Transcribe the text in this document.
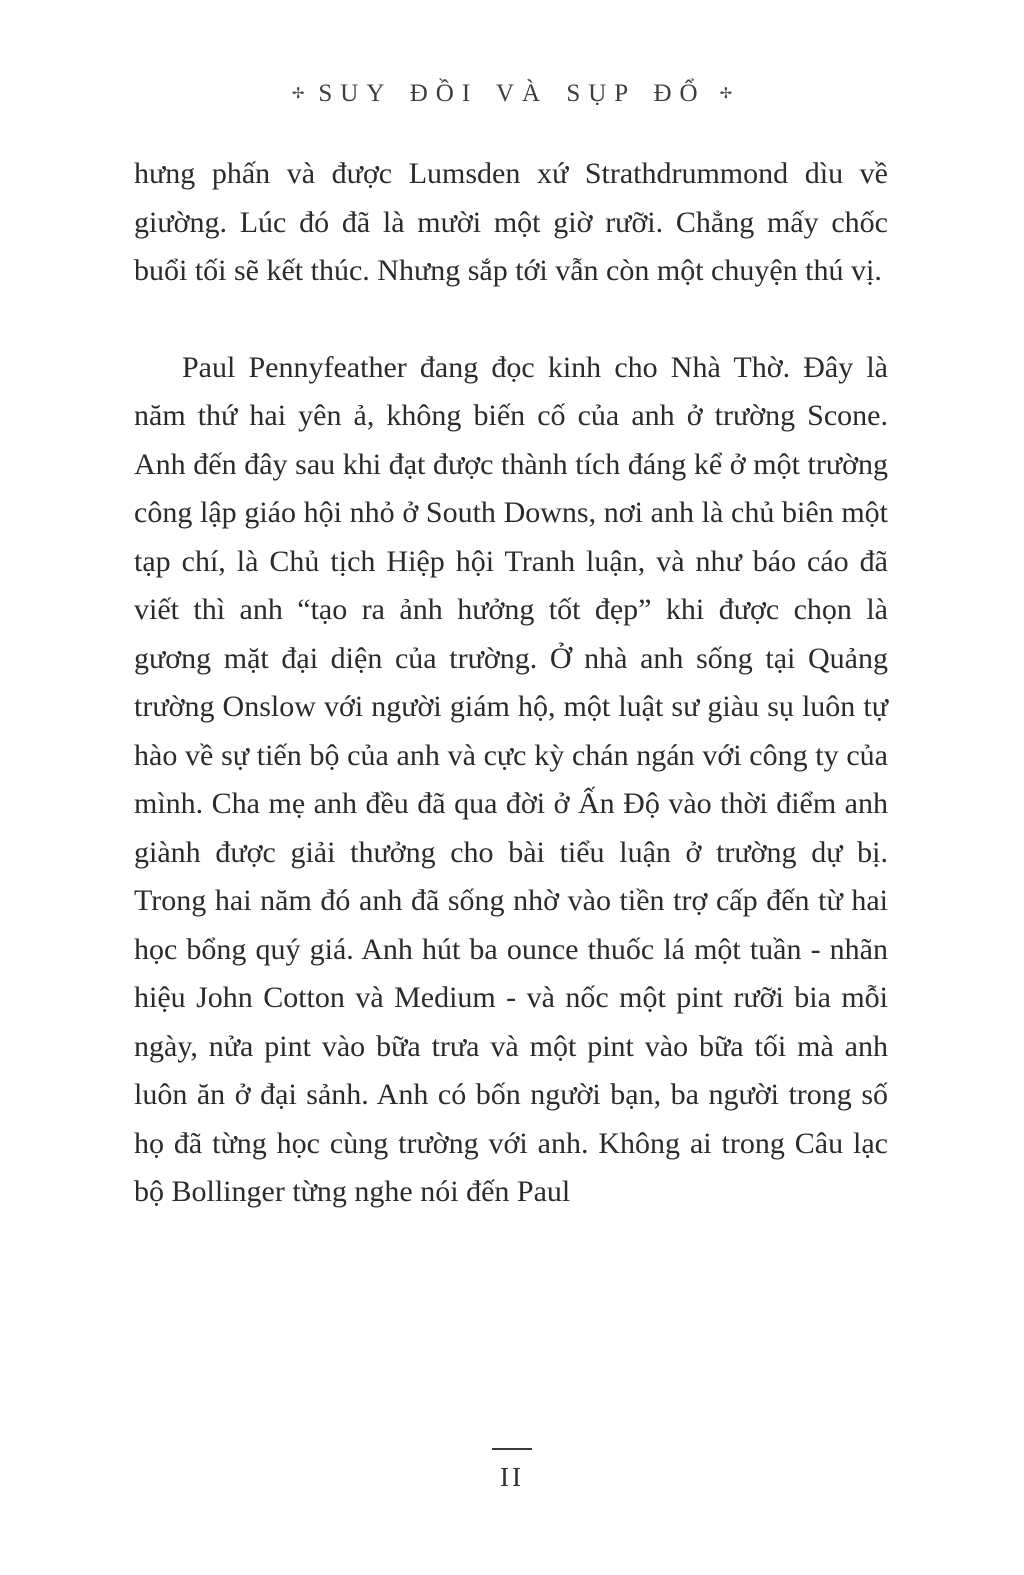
✢ SUY ĐỒI VÀ SỤP ĐỔ ✢

hưng phấn và được Lumsden xứ Strathdrummond dìu về giường. Lúc đó đã là mười một giờ rưỡi. Chẳng mấy chốc buổi tối sẽ kết thúc. Nhưng sắp tới vẫn còn một chuyện thú vị.

Paul Pennyfeather đang đọc kinh cho Nhà Thờ. Đây là năm thứ hai yên ả, không biến cố của anh ở trường Scone. Anh đến đây sau khi đạt được thành tích đáng kể ở một trường công lập giáo hội nhỏ ở South Downs, nơi anh là chủ biên một tạp chí, là Chủ tịch Hiệp hội Tranh luận, và như báo cáo đã viết thì anh “tạo ra ảnh hưởng tốt đẹp” khi được chọn là gương mặt đại diện của trường. Ở nhà anh sống tại Quảng trường Onslow với người giám hộ, một luật sư giàu sụ luôn tự hào về sự tiến bộ của anh và cực kỳ chán ngán với công ty của mình. Cha mẹ anh đều đã qua đời ở Ấn Độ vào thời điểm anh giành được giải thưởng cho bài tiểu luận ở trường dự bị. Trong hai năm đó anh đã sống nhờ vào tiền trợ cấp đến từ hai học bổng quý giá. Anh hút ba ounce thuốc lá một tuần - nhãn hiệu John Cotton và Medium - và nốc một pint rưỡi bia mỗi ngày, nửa pint vào bữa trưa và một pint vào bữa tối mà anh luôn ăn ở đại sảnh. Anh có bốn người bạn, ba người trong số họ đã từng học cùng trường với anh. Không ai trong Câu lạc bộ Bollinger từng nghe nói đến Paul

II
